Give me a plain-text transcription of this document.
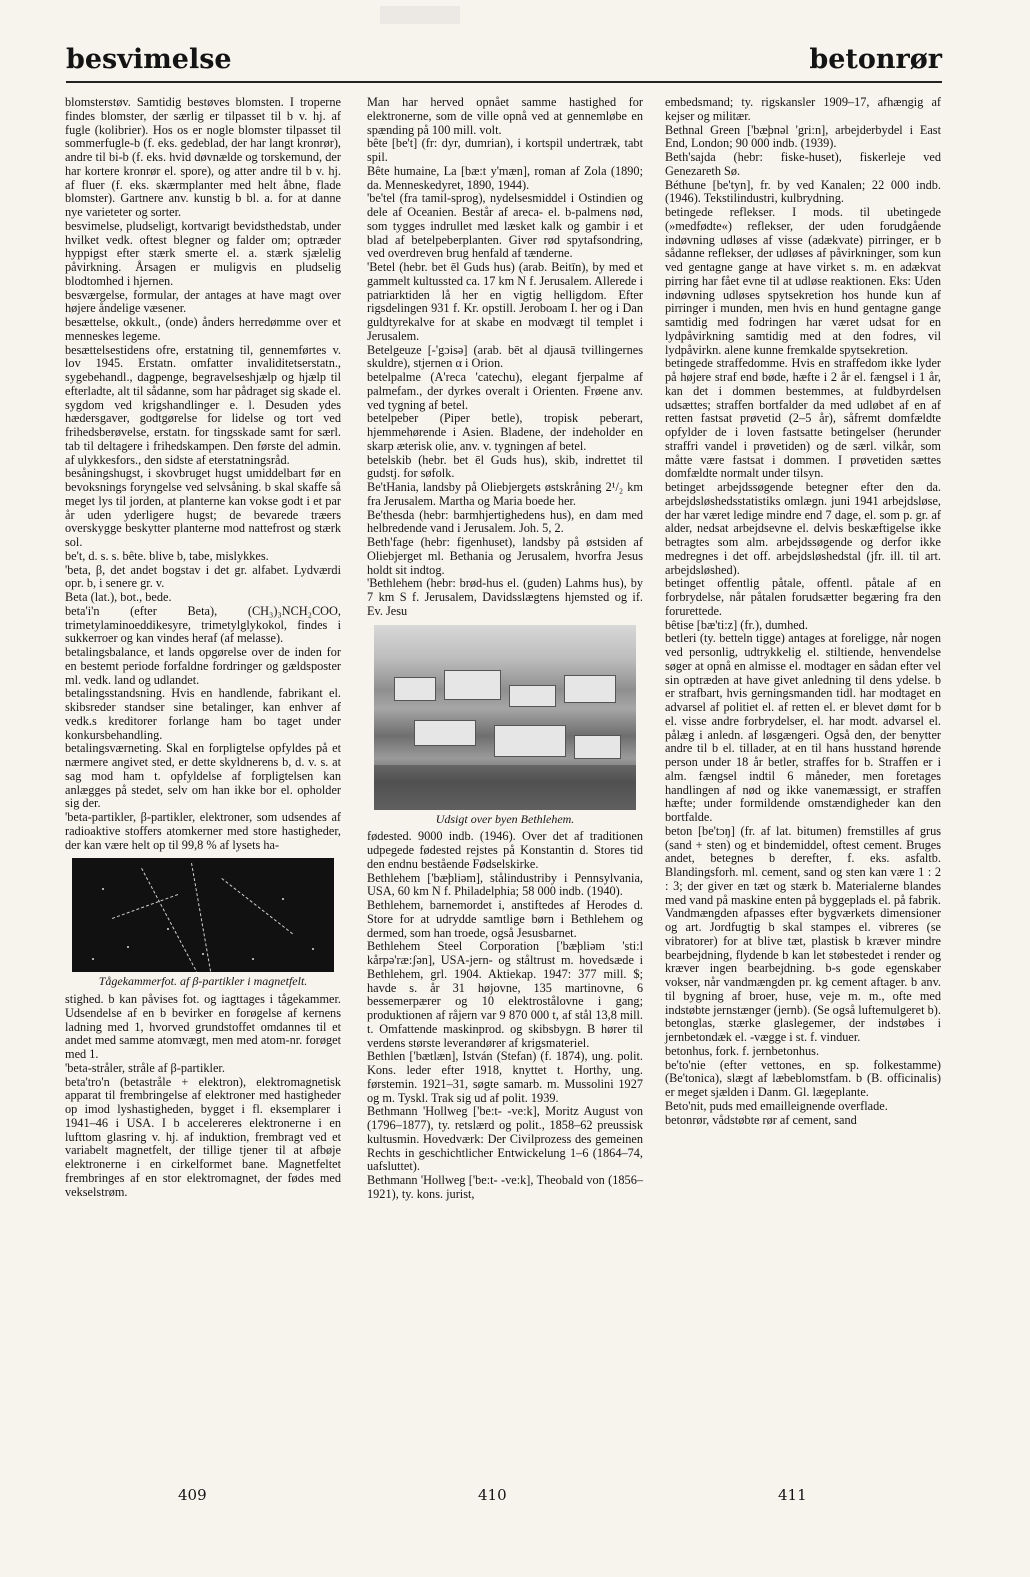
besvimelse	betonrør

blomsterstøv. Samtidig bestøves blomsten. I troperne findes blomster, der særlig er tilpasset til b v. hj. af fugle (kolibrier). Hos os er nogle blomster tilpasset til sommerfugle-b (f. eks. gedeblad, der har langt kronrør), andre til bi-b (f. eks. hvid døvnælde og torskemund, der har kortere kronrør el. spore), og atter andre til b v. hj. af fluer (f. eks. skærmplanter med helt åbne, flade blomster). Gartnere anv. kunstig b bl. a. for at danne nye varieteter og sorter.

besvimelse, pludseligt, kortvarigt bevidsthedstab, under hvilket vedk. oftest blegner og falder om; optræder hyppigst efter stærk smerte el. a. stærk sjælelig påvirkning. Årsagen er muligvis en pludselig blodtomhed i hjernen.

besværgelse, formular, der antages at have magt over højere åndelige væsener.

besættelse, okkult., (onde) ånders herredømme over et menneskes legeme.

besættelsestidens ofre, erstatning til, gennemførtes v. lov 1945. Erstatn. omfatter invaliditetserstatn., sygebehandl., dagpenge, begravelseshjælp og hjælp til efterladte, alt til sådanne, som har pådraget sig skade el. sygdom ved krigshandlinger e. l. Desuden ydes hædersgaver, godtgørelse for lidelse og tort ved frihedsberøvelse, erstatn. for tingsskade samt for særl. tab til deltagere i frihedskampen. Den første del admin. af ulykkesfors., den sidste af eterstatningsråd.

besåningshugst, i skovbruget hugst umiddelbart før en bevoksnings foryngelse ved selvsåning. b skal skaffe så meget lys til jorden, at planterne kan vokse godt i et par år uden yderligere hugst; de bevarede træers overskygge beskytter planterne mod nattefrost og stærk sol.

be't, d. s. s. bête. blive b, tabe, mislykkes.

'beta, β, det andet bogstav i det gr. alfabet. Lydværdi opr. b, i senere gr. v.

Beta (lat.), bot., bede.

beta'i'n (efter Beta), (CH₃)₃NCH₂COO, trimetylaminoeddikesyre, trimetylglykokol, findes i sukkerroer og kan vindes heraf (af melasse).

betalingsbalance, et lands opgørelse over de inden for en bestemt periode forfaldne fordringer og gældsposter ml. vedk. land og udlandet.

betalingsstandsning. Hvis en handlende, fabrikant el. skibsreder standser sine betalinger, kan enhver af vedk.s kreditorer forlange ham bo taget under konkursbehandling.

betalingsværneting. Skal en forpligtelse opfyldes på et nærmere angivet sted, er dette skyldnerens b, d. v. s. at sag mod ham t. opfyldelse af forpligtelsen kan anlægges på stedet, selv om han ikke bor el. opholder sig der.

'beta-partikler, β-partikler, elektroner, som udsendes af radioaktive stoffers atomkerner med store hastigheder, der kan være helt op til 99,8 % af lysets ha-

Tågekammerfot. af β-partikler i magnetfelt.

stighed. b kan påvises fot. og iagttages i tågekammer. Udsendelse af en b bevirker en forøgelse af kernens ladning med 1, hvorved grundstoffet omdannes til et andet med samme atomvægt, men med atom-nr. forøget med 1.

'beta-stråler, stråle af β-partikler.

beta'tro'n (betastråle + elektron), elektromagnetisk apparat til frembringelse af elektroner med hastigheder op imod lyshastigheden, bygget i fl. eksemplarer i 1941–46 i USA. I b accelereres elektronerne i en lufttom glasring v. hj. af induktion, frembragt ved et variabelt magnetfelt, der tillige tjener til at afbøje elektronerne i en cirkelformet bane. Magnetfeltet frembringes af en stor elektromagnet, der fødes med vekselstrøm.

Man har herved opnået samme hastighed for elektronerne, som de ville opnå ved at gennemløbe en spænding på 100 mill. volt.

bête [be't] (fr: dyr, dumrian), i kortspil undertræk, tabt spil.

Bête humaine, La [bæ:t y'mæn], roman af Zola (1890; da. Menneskedyret, 1890, 1944).

'be'tel (fra tamil-sprog), nydelsesmiddel i Ostindien og dele af Oceanien. Består af areca- el. b-palmens nød, som tygges indrullet med læsket kalk og gambir i et blad af betelpeberplanten. Giver rød spytafsondring, ved overdreven brug henfald af tænderne.

'Betel (hebr. bet ēl Guds hus) (arab. Beitīn), by med et gammelt kultussted ca. 17 km N f. Jerusalem. Allerede i patriarktiden lå her en vigtig helligdom. Efter rigsdelingen 931 f. Kr. opstill. Jeroboam I. her og i Dan guldtyrekalve for at skabe en modvægt til templet i Jerusalem.

Betelgeuze [-'gɔisə] (arab. bēt al djausā tvillingernes skuldre), stjernen α i Orion.

betelpalme (A'reca 'catechu), elegant fjerpalme af palmefam., der dyrkes overalt i Orienten. Frøene anv. ved tygning af betel.

betelpeber (Piper betle), tropisk peberart, hjemmehørende i Asien. Bladene, der indeholder en skarp æterisk olie, anv. v. tygningen af betel.

betelskib (hebr. bet ēl Guds hus), skib, indrettet til gudstj. for søfolk.

Be'tHania, landsby på Oliebjergets østskråning 2¹/₂ km fra Jerusalem. Martha og Maria boede her.

Be'thesda (hebr: barmhjertighedens hus), en dam med helbredende vand i Jerusalem. Joh. 5, 2.

Beth'fage (hebr: figenhuset), landsby på østsiden af Oliebjerget ml. Bethania og Jerusalem, hvorfra Jesus holdt sit indtog.

'Bethlehem (hebr: brød-hus el. (guden) Lahms hus), by 7 km S f. Jerusalem, Davidsslægtens hjemsted og if. Ev. Jesu

Udsigt over byen Bethlehem.

fødested. 9000 indb. (1946). Over det af traditionen udpegede fødested rejstes på Konstantin d. Stores tid den endnu bestående Fødselskirke.

Bethlehem ['bæþliəm], stålindustriby i Pennsylvania, USA, 60 km N f. Philadelphia; 58 000 indb. (1940).

Bethlehem, barnemordet i, anstiftedes af Herodes d. Store for at udrydde samtlige børn i Bethlehem og dermed, som han troede, også Jesusbarnet.

Bethlehem Steel Corporation ['bæþliəm 'sti:l kårpə'ræ:ʃən], USA-jern- og ståltrust m. hovedsæde i Bethlehem, grl. 1904. Aktiekap. 1947: 377 mill. $; havde s. år 31 højovne, 135 martinovne, 6 bessemerpærer og 10 elektrostålovne i gang; produktionen af råjern var 9 870 000 t, af stål 13,8 mill. t. Omfattende maskinprod. og skibsbygn. B hører til verdens største leverandører af krigsmateriel.

Bethlen ['bætlæn], István (Stefan) (f. 1874), ung. polit. Kons. leder efter 1918, knyttet t. Horthy, ung. førstemin. 1921–31, søgte samarb. m. Mussolini 1927 og m. Tyskl. Trak sig ud af polit. 1939.

Bethmann 'Hollweg ['be:t- -ve:k], Moritz August von (1796–1877), ty. retslærd og polit., 1858–62 preussisk kultusmin. Hovedværk: Der Civilprozess des gemeinen Rechts in geschichtlicher Entwickelung 1–6 (1864–74, uafsluttet).

Bethmann 'Hollweg ['be:t- -ve:k], Theobald von (1856–1921), ty. kons. jurist,

embedsmand; ty. rigskansler 1909–17, afhængig af kejser og militær.

Bethnal Green ['bæþnəl 'gri:n], arbejderbydel i East End, London; 90 000 indb. (1939).

Beth'sajda (hebr: fiske-huset), fiskerleje ved Genezareth Sø.

Béthune [be'tyn], fr. by ved Kanalen; 22 000 indb. (1946). Tekstilindustri, kulbrydning.

betingede reflekser. I mods. til ubetingede (»medfødte«) reflekser, der uden forudgående indøvning udløses af visse (adækvate) pirringer, er b sådanne reflekser, der udløses af påvirkninger, som kun ved gentagne gange at have virket s. m. en adækvat pirring har fået evne til at udløse reaktionen. Eks: Uden indøvning udløses spytsekretion hos hunde kun af pirringer i munden, men hvis en hund gentagne gange samtidig med fodringen har været udsat for en lydpåvirkning samtidig med at den fodres, vil lydpåvirkn. alene kunne fremkalde spytsekretion.

betingede straffedomme. Hvis en straffedom ikke lyder på højere straf end bøde, hæfte i 2 år el. fængsel i 1 år, kan det i dommen bestemmes, at fuldbyrdelsen udsættes; straffen bortfalder da med udløbet af en af retten fastsat prøvetid (2–5 år), såfremt domfældte opfylder de i loven fastsatte betingelser (herunder straffri vandel i prøvetiden) og de særl. vilkår, som måtte være fastsat i dommen. I prøvetiden sættes domfældte normalt under tilsyn.

betinget arbejdssøgende betegner efter den da. arbejdsløshedsstatistiks omlægn. juni 1941 arbejdsløse, der har været ledige mindre end 7 dage, el. som p. gr. af alder, nedsat arbejdsevne el. delvis beskæftigelse ikke betragtes som alm. arbejdssøgende og derfor ikke medregnes i det off. arbejdsløshedstal (jfr. ill. til art. arbejdsløshed).

betinget offentlig påtale, offentl. påtale af en forbrydelse, når påtalen forudsætter begæring fra den forurettede.

bêtise [bæ'ti:z] (fr.), dumhed.

betleri (ty. betteln tigge) antages at foreligge, når nogen ved personlig, udtrykkelig el. stiltiende, henvendelse søger at opnå en almisse el. modtager en sådan efter vel sin optræden at have givet anledning til dens ydelse. b er strafbart, hvis gerningsmanden tidl. har modtaget en advarsel af politiet el. af retten el. er blevet dømt for b el. visse andre forbrydelser, el. har modt. advarsel el. pålæg i anledn. af løsgængeri. Også den, der benytter andre til b el. tillader, at en til hans husstand hørende person under 18 år betler, straffes for b. Straffen er i alm. fængsel indtil 6 måneder, men foretages handlingen af nød og ikke vanemæssigt, er straffen hæfte; under formildende omstændigheder kan den bortfalde.

beton [be'tɔŋ] (fr. af lat. bitumen) fremstilles af grus (sand + sten) og et bindemiddel, oftest cement. Bruges andet, betegnes b derefter, f. eks. asfaltb. Blandingsforh. ml. cement, sand og sten kan være 1 : 2 : 3; der giver en tæt og stærk b. Materialerne blandes med vand på maskine enten på byggeplads el. på fabrik. Vandmængden afpasses efter bygværkets dimensioner og art. Jordfugtig b skal stampes el. vibreres (se vibratorer) for at blive tæt, plastisk b kræver mindre bearbejdning, flydende b kan let støbestedet i render og kræver ingen bearbejdning. b-s gode egenskaber vokser, når vandmængden pr. kg cement aftager. b anv. til bygning af broer, huse, veje m. m., ofte med indstøbte jernstænger (jernb). (Se også luftemulgeret b).

betonglas, stærke glaslegemer, der indstøbes i jernbetondæk el. -vægge i st. f. vinduer.

betonhus, fork. f. jernbetonhus.

be'to'nie (efter vettones, en sp. folkestamme) (Be'tonica), slægt af læbeblomstfam. b (B. officinalis) er meget sjælden i Danm. Gl. lægeplante.

Beto'nit, puds med emailleignende overflade.

betonrør, vådstøbte rør af cement, sand

409	410	411
